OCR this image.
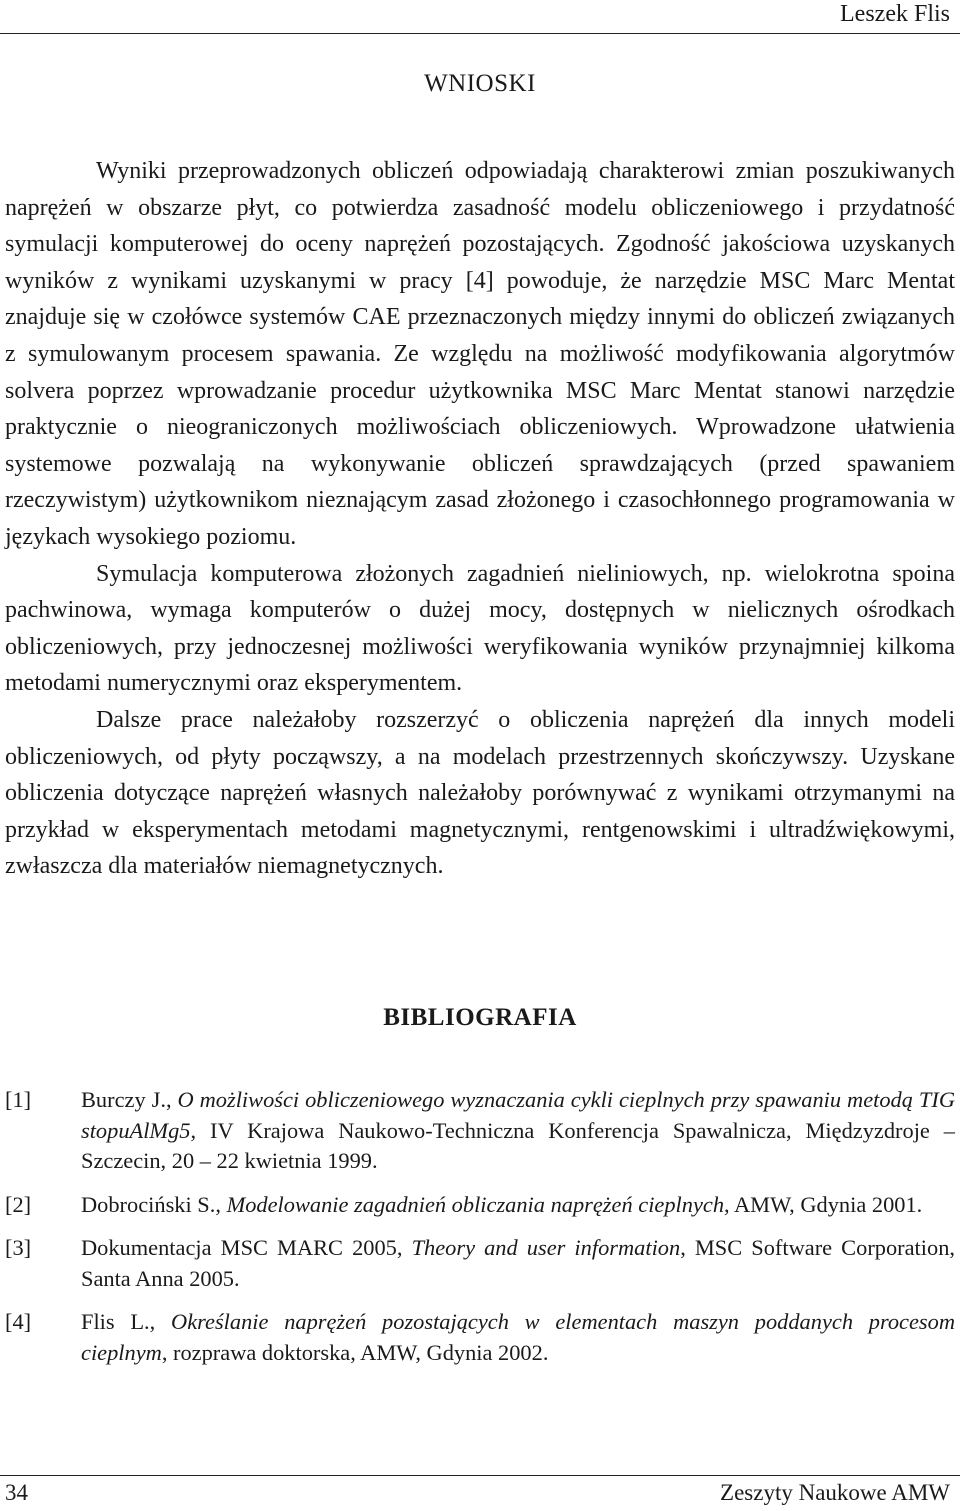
Leszek Flis
WNIOSKI

Wyniki przeprowadzonych obliczeń odpowiadają charakterowi zmian poszukiwanych naprężeń w obszarze płyt, co potwierdza zasadność modelu obliczeniowego i przydatność symulacji komputerowej do oceny naprężeń pozostających. Zgodność jakościowa uzyskanych wyników z wynikami uzyskanymi w pracy [4] powoduje, że narzędzie MSC Marc Mentat znajduje się w czołówce systemów CAE przeznaczonych między innymi do obliczeń związanych z symulowanym procesem spawania. Ze względu na możliwość modyfikowania algorytmów solvera poprzez wprowadzanie procedur użytkownika MSC Marc Mentat stanowi narzędzie praktycznie o nieograniczonych możliwościach obliczeniowych. Wprowadzone ułatwienia systemowe pozwalają na wykonywanie obliczeń sprawdzających (przed spawaniem rzeczywistym) użytkownikom nieznającym zasad złożonego i czasochłonnego programowania w językach wysokiego poziomu.

Symulacja komputerowa złożonych zagadnień nieliniowych, np. wielokrotna spoina pachwinowa, wymaga komputerów o dużej mocy, dostępnych w nielicznych ośrodkach obliczeniowych, przy jednoczesnej możliwości weryfikowania wyników przynajmniej kilkoma metodami numerycznymi oraz eksperymentem.

Dalsze prace należałoby rozszerzyć o obliczenia naprężeń dla innych modeli obliczeniowych, od płyty począwszy, a na modelach przestrzennych skończywszy. Uzyskane obliczenia dotyczące naprężeń własnych należałoby porównywać z wynikami otrzymanymi na przykład w eksperymentach metodami magnetycznymi, rentgenowskimi i ultradźwiękowymi, zwłaszcza dla materiałów niemagnetycznych.

BIBLIOGRAFIA
[1] Burczy J., O możliwości obliczeniowego wyznaczania cykli cieplnych przy spawaniu metodą TIG stopuAlMg5, IV Krajowa Naukowo-Techniczna Konferencja Spawalnicza, Międzyzdroje – Szczecin, 20 – 22 kwietnia 1999.
[2] Dobrociński S., Modelowanie zagadnień obliczania naprężeń cieplnych, AMW, Gdynia 2001.
[3] Dokumentacja MSC MARC 2005, Theory and user information, MSC Software Corporation, Santa Anna 2005.
[4] Flis L., Określanie naprężeń pozostających w elementach maszyn poddanych procesom cieplnym, rozprawa doktorska, AMW, Gdynia 2002.
34	Zeszyty Naukowe AMW
